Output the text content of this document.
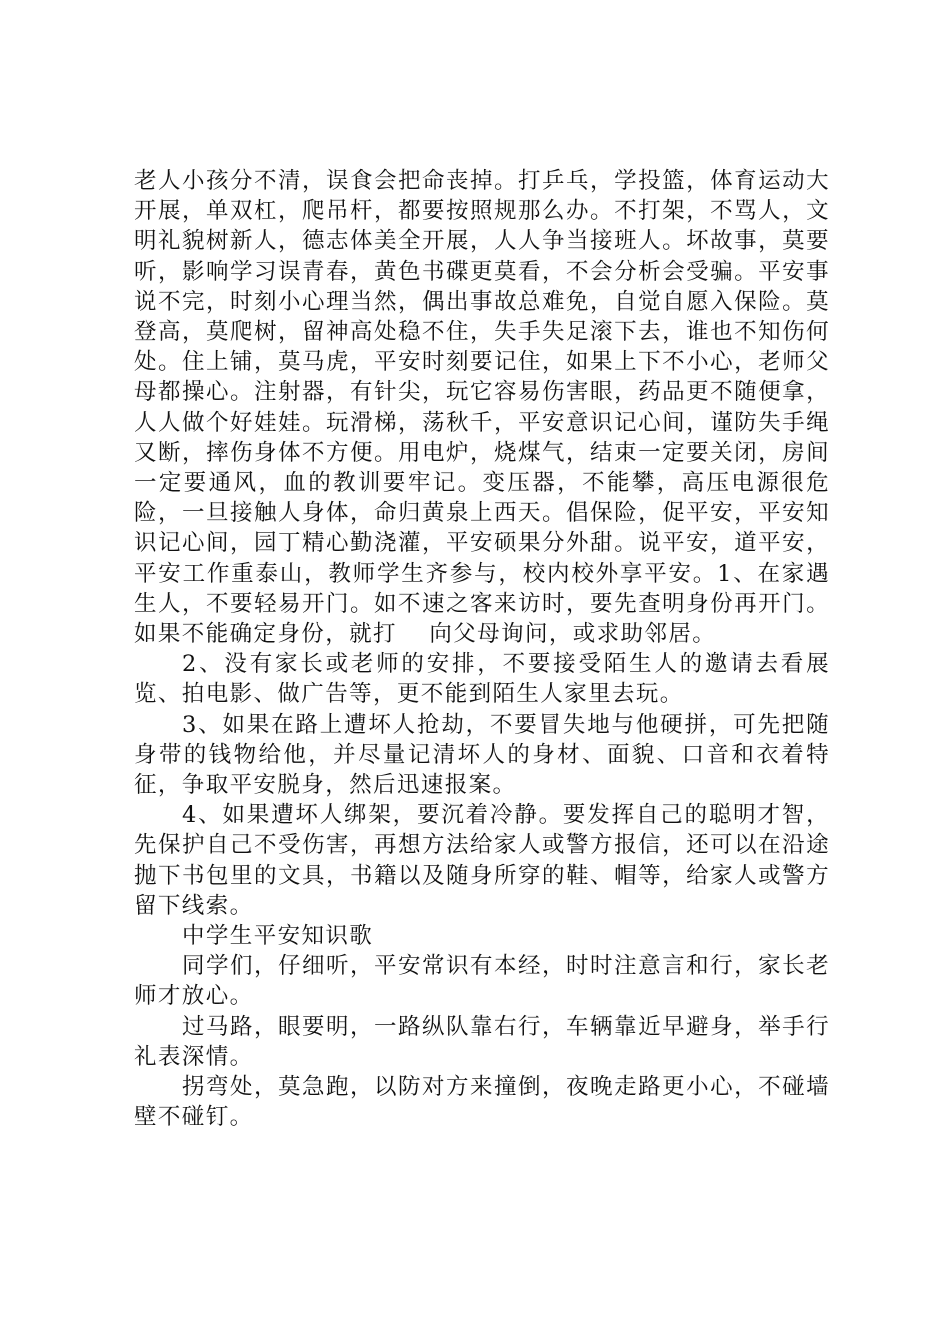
老人小孩分不清，误食会把命丧掉。打乒乓，学投篮，体育运动大开展，单双杠，爬吊杆，都要按照规那么办。不打架，不骂人，文明礼貌树新人，德志体美全开展，人人争当接班人。坏故事，莫要听，影响学习误青春，黄色书碟更莫看，不会分析会受骗。平安事说不完，时刻小心理当然，偶出事故总难免，自觉自愿入保险。莫登高，莫爬树，留神高处稳不住，失手失足滚下去，谁也不知伤何处。住上铺，莫马虎，平安时刻要记住，如果上下不小心，老师父母都操心。注射器，有针尖，玩它容易伤害眼，药品更不随便拿，人人做个好娃娃。玩滑梯，荡秋千，平安意识记心间，谨防失手绳又断，摔伤身体不方便。用电炉，烧煤气，结束一定要关闭，房间一定要通风，血的教训要牢记。变压器，不能攀，高压电源很危险，一旦接触人身体，命归黄泉上西天。倡保险，促平安，平安知识记心间，园丁精心勤浇灌，平安硕果分外甜。说平安，道平安，平安工作重泰山，教师学生齐参与，校内校外享平安。1、在家遇生人，不要轻易开门。如不速之客来访时，要先查明身份再开门。如果不能确定身份，就打　 向父母询问，或求助邻居。

2、没有家长或老师的安排，不要接受陌生人的邀请去看展览、拍电影、做广告等，更不能到陌生人家里去玩。

3、如果在路上遭坏人抢劫，不要冒失地与他硬拼，可先把随身带的钱物给他，并尽量记清坏人的身材、面貌、口音和衣着特征，争取平安脱身，然后迅速报案。

4、如果遭坏人绑架，要沉着冷静。要发挥自己的聪明才智，先保护自己不受伤害，再想方法给家人或警方报信，还可以在沿途抛下书包里的文具，书籍以及随身所穿的鞋、帽等，给家人或警方留下线索。

中学生平安知识歌

同学们，仔细听，平安常识有本经，时时注意言和行，家长老师才放心。

过马路，眼要明，一路纵队靠右行，车辆靠近早避身，举手行礼表深情。

拐弯处，莫急跑，以防对方来撞倒，夜晚走路更小心，不碰墙壁不碰钉。
